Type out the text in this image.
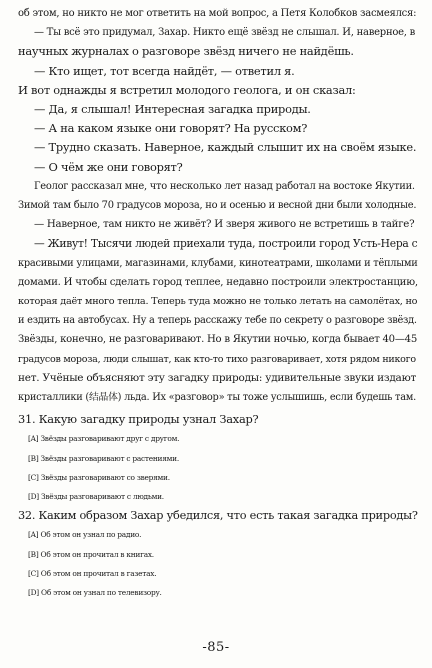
об этом, но никто не мог ответить на мой вопрос, а Петя Колобков засмеялся:

— Ты всё это придумал, Захар. Никто ещё звёзд не слышал. И, наверное, в

научных журналах о разговоре звёзд ничего не найдёшь.

— Кто ищет, тот всегда найдёт, — ответил я.

И вот однажды я встретил молодого геолога, и он сказал:

— Да, я слышал! Интересная загадка природы.

— А на каком языке они говорят? На русском?

— Трудно сказать. Наверное, каждый слышит их на своём языке.

— О чём же они говорят?

Геолог рассказал мне, что несколько лет назад работал на востоке Якутии.

Зимой там было 70 градусов мороза, но и осенью и весной дни были холодные.

— Наверное, там никто не живёт? И зверя живого не встретишь в тайге?

— Живут! Тысячи людей приехали туда, построили город Усть-Нера с

красивыми улицами, магазинами, клубами, кинотеатрами, школами и тёплыми

домами. И чтобы сделать город теплее, недавно построили электростанцию,

которая даёт много тепла. Теперь туда можно не только летать на самолётах, но

и ездить на автобусах. Ну а теперь расскажу тебе по секрету о разговоре звёзд.

Звёзды, конечно, не разговаривают. Но в Якутии ночью, когда бывает 40—45

градусов мороза, люди слышат, как кто-то тихо разговаривает, хотя рядом никого

нет. Учёные объясняют эту загадку природы: удивительные звуки издают

кристаллики (结晶体) льда. Их «разговор» ты тоже услышишь, если будешь там.

31. Какую загадку природы узнал Захар?

[A] Звёзды разговаривают друг с другом.

[B] Звёзды разговаривают с растениями.

[C] Звёзды разговаривают со зверями.

[D] Звёзды разговаривают с людьми.

32. Каким образом Захар убедился, что есть такая загадка природы?

[A] Об этом он узнал по радио.

[B] Об этом он прочитал в книгах.

[C] Об этом он прочитал в газетах.

[D] Об этом он узнал по телевизору.

-85-
